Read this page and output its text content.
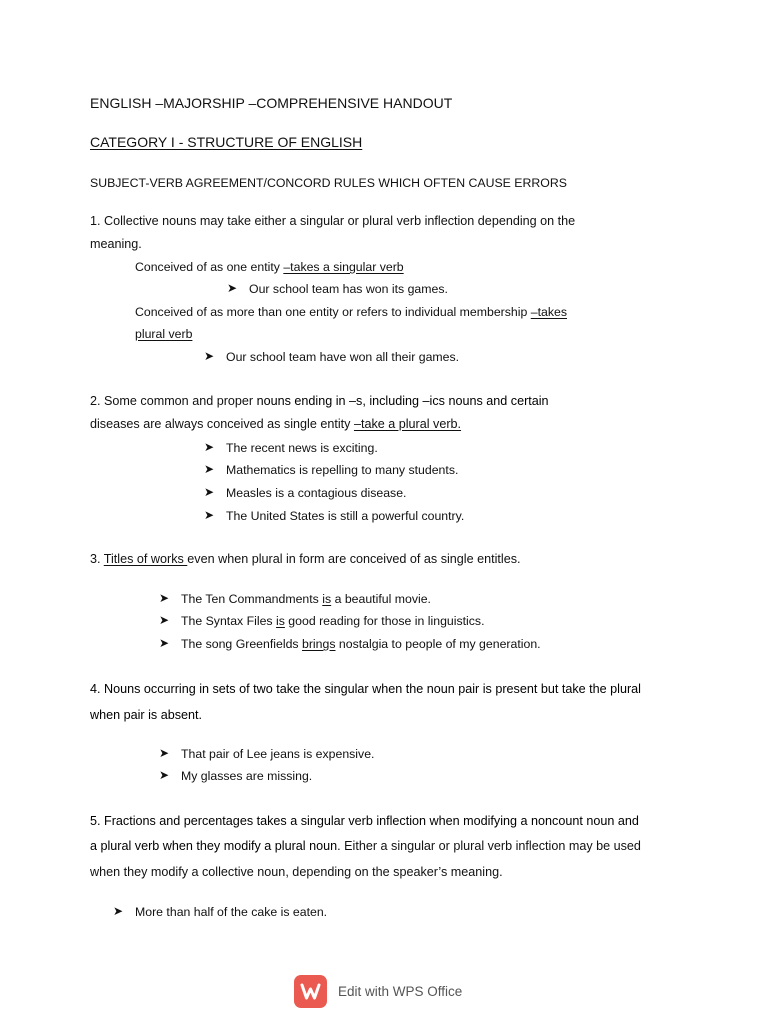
ENGLISH –MAJORSHIP –COMPREHENSIVE HANDOUT
CATEGORY I - STRUCTURE OF ENGLISH
SUBJECT-VERB AGREEMENT/CONCORD RULES WHICH OFTEN CAUSE ERRORS
1. Collective nouns may take either a singular or plural verb inflection depending on the
meaning.
Conceived of as one entity –takes a singular verb
➤ Our school team has won its games.
Conceived of as more than one entity or refers to individual membership –takes
plural verb
➤ Our school team have won all their games.
2. Some common and proper nouns ending in –s, including –ics nouns and certain
diseases are always conceived as single entity –take a plural verb.
➤ The recent news is exciting.
➤ Mathematics is repelling to many students.
➤ Measles is a contagious disease.
➤ The United States is still a powerful country.
3. Titles of works even when plural in form are conceived of as single entitles.
➤ The Ten Commandments is a beautiful movie.
➤ The Syntax Files is good reading for those in linguistics.
➤ The song Greenfields brings nostalgia to people of my generation.
4. Nouns occurring in sets of two take the singular when the noun pair is present but take the plural
when pair is absent.
➤ That pair of Lee jeans is expensive.
➤ My glasses are missing.
5. Fractions and percentages takes a singular verb inflection when modifying a noncount noun and
a plural verb when they modify a plural noun. Either a singular or plural verb inflection may be used
when they modify a collective noun, depending on the speaker’s meaning.
➤ More than half of the cake is eaten.
Edit with WPS Office
